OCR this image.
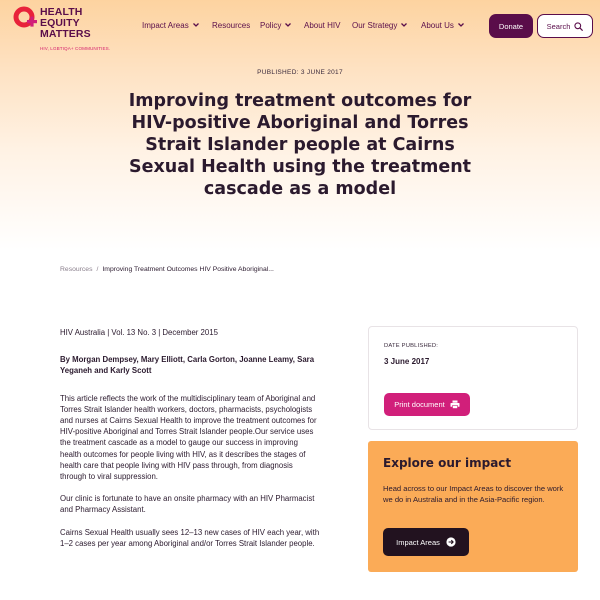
HEALTH
EQUITY
MATTERS
HIV, LGBTIQA+ COMMUNITIES.
Impact Areas	Resources Policy	About HIV Our Strategy	About Us	Donate	Search
PUBLISHED: 3 JUNE 2017
Improving treatment outcomes for HIV-positive Aboriginal and Torres Strait Islander people at Cairns Sexual Health using the treatment cascade as a model
Resources / Improving Treatment Outcomes HIV Positive Aboriginal...

HIV Australia | Vol. 13 No. 3 | December 2015

By Morgan Dempsey, Mary Elliott, Carla Gorton, Joanne Leamy, Sara Yeganeh and Karly Scott

This article reflects the work of the multidisciplinary team of Aboriginal and Torres Strait Islander health workers, doctors, pharmacists, psychologists and nurses at Cairns Sexual Health to improve the treatment outcomes for HIV-positive Aboriginal and Torres Strait Islander people.Our service uses the treatment cascade as a model to gauge our success in improving health outcomes for people living with HIV, as it describes the stages of health care that people living with HIV pass through, from diagnosis through to viral suppression.

Our clinic is fortunate to have an onsite pharmacy with an HIV Pharmacist and Pharmacy Assistant.

Cairns Sexual Health usually sees 12–13 new cases of HIV each year, with 1–2 cases per year among Aboriginal and/or Torres Strait Islander people.

DATE PUBLISHED:
3 June 2017
Print document
Explore our impact
Head across to our Impact Areas to discover the work we do in Australia and in the Asia-Pacific region.
Impact Areas
